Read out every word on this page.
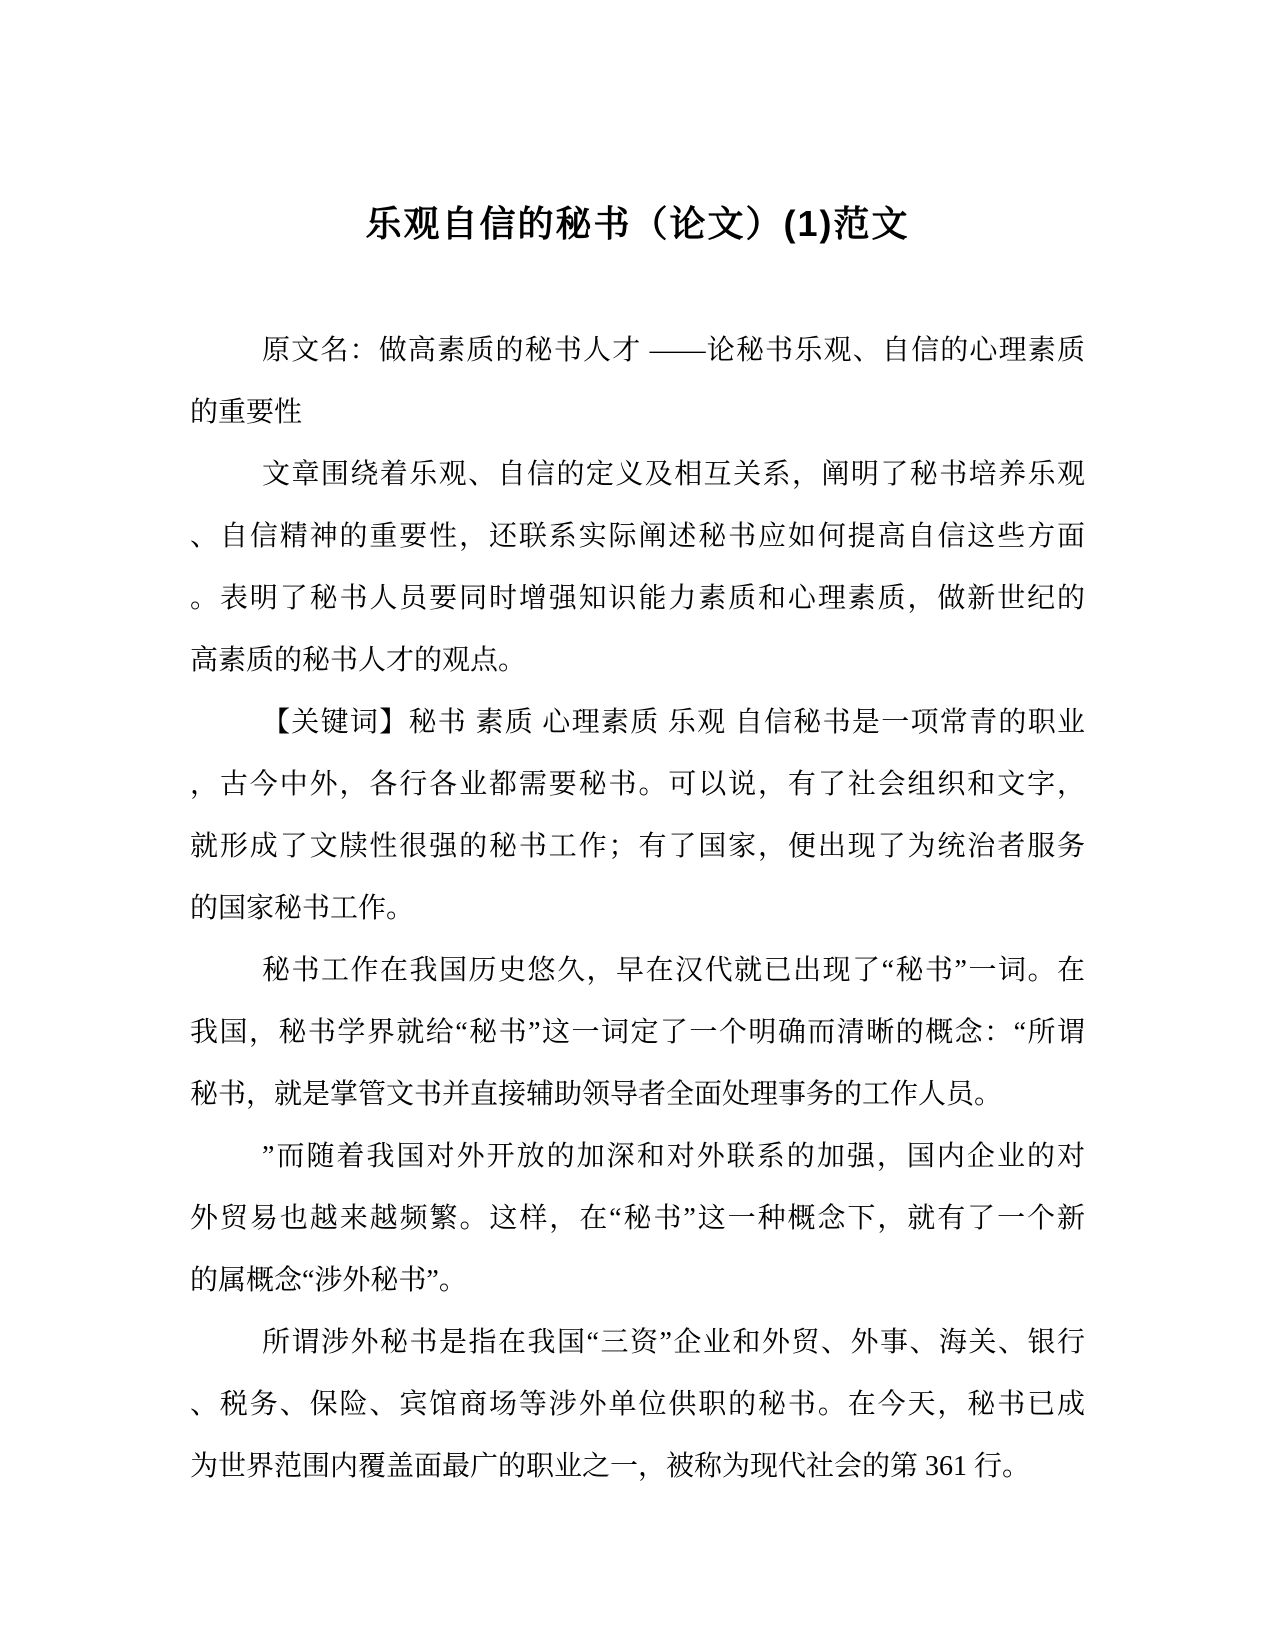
乐观自信的秘书（论文）(1)范文
原文名：做高素质的秘书人才 ——论秘书乐观、自信的心理素质
的重要性
文章围绕着乐观、自信的定义及相互关系，阐明了秘书培养乐观
、自信精神的重要性，还联系实际阐述秘书应如何提高自信这些方面
。表明了秘书人员要同时增强知识能力素质和心理素质，做新世纪的
高素质的秘书人才的观点。
【关键词】秘书 素质 心理素质 乐观 自信秘书是一项常青的职业
，古今中外，各行各业都需要秘书。可以说，有了社会组织和文字，
就形成了文牍性很强的秘书工作；有了国家，便出现了为统治者服务
的国家秘书工作。
秘书工作在我国历史悠久，早在汉代就已出现了“秘书”一词。在
我国，秘书学界就给“秘书”这一词定了一个明确而清晰的概念：“所谓
秘书，就是掌管文书并直接辅助领导者全面处理事务的工作人员。
”而随着我国对外开放的加深和对外联系的加强，国内企业的对
外贸易也越来越频繁。这样，在“秘书”这一种概念下，就有了一个新
的属概念“涉外秘书”。
所谓涉外秘书是指在我国“三资”企业和外贸、外事、海关、银行
、税务、保险、宾馆商场等涉外单位供职的秘书。在今天，秘书已成
为世界范围内覆盖面最广的职业之一，被称为现代社会的第 361 行。
